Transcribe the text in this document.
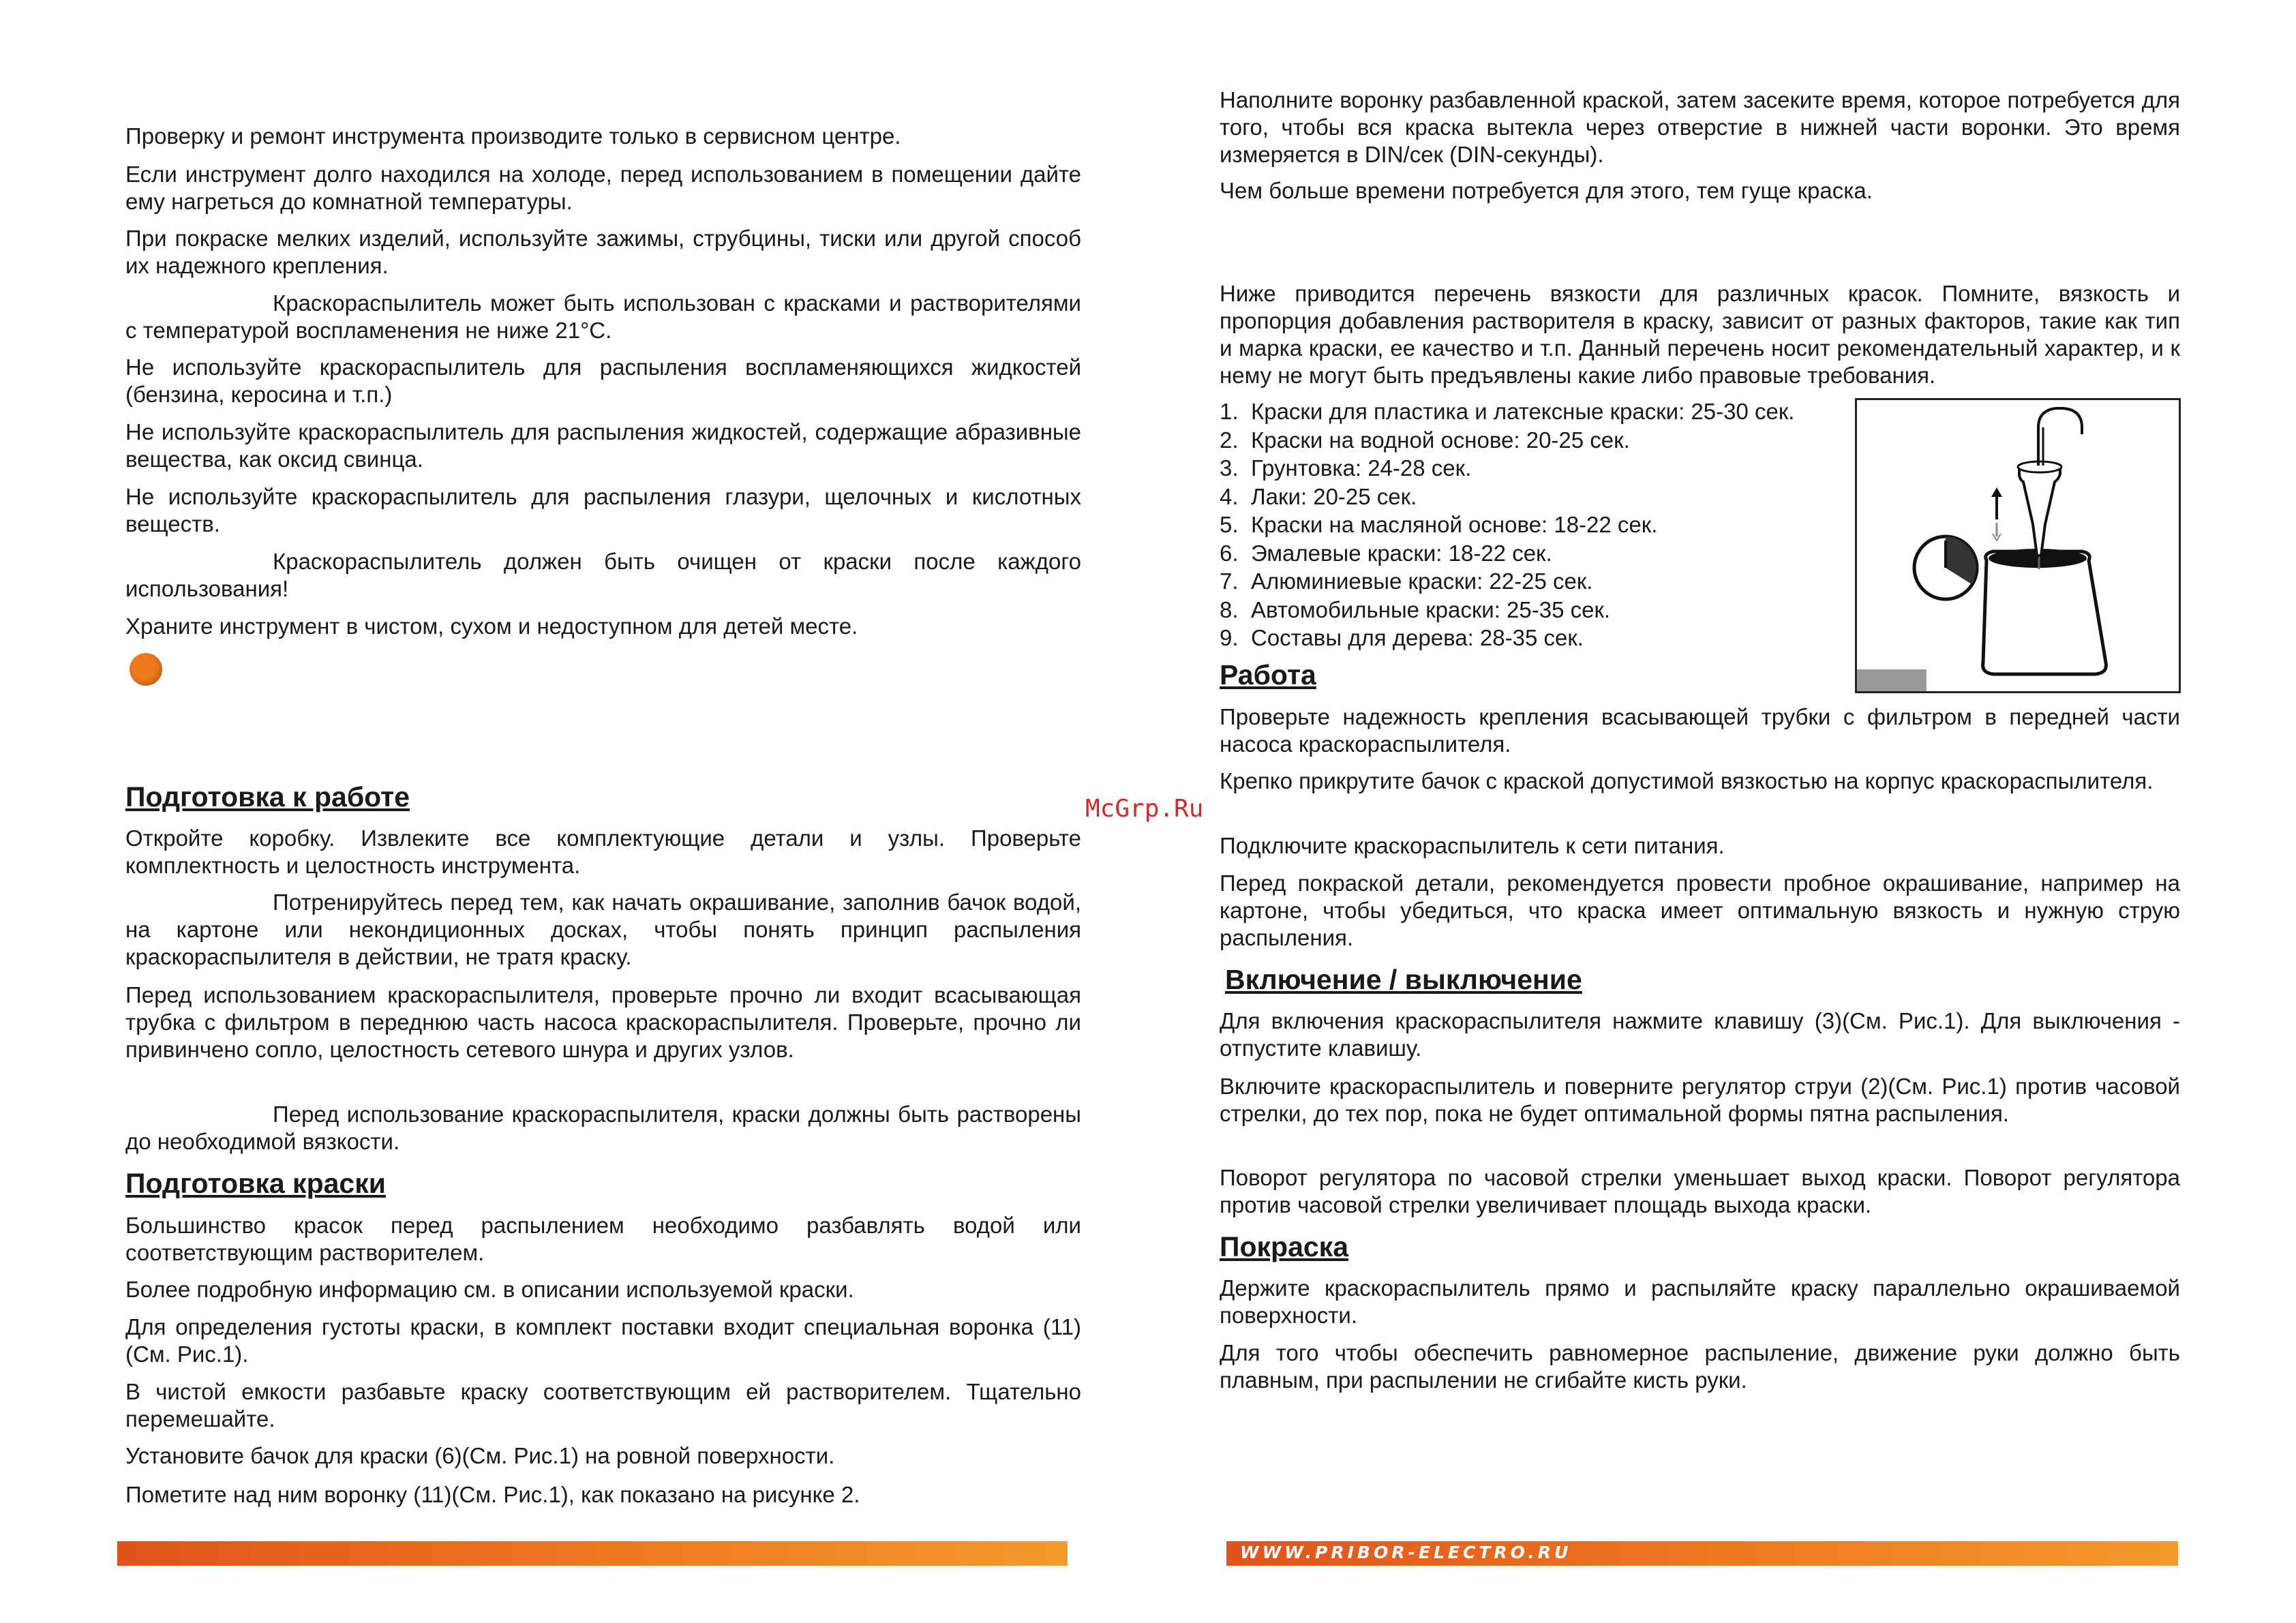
Проверку и ремонт инструмента производите только в сервисном центре.

Если инструмент долго находился на холоде, перед использованием в помещении дайте ему нагреться до комнатной температуры.

При покраске мелких изделий, используйте зажимы, струбцины, тиски или другой способ их надежного крепления.

Краскораспылитель может быть использован с красками и растворителями с температурой воспламенения не ниже 21°C.

Не используйте краскораспылитель для распыления воспламеняющихся жидкостей (бензина, керосина и т.п.)

Не используйте краскораспылитель для распыления жидкостей, содержащие абразивные вещества, как оксид свинца.

Не используйте краскораспылитель для распыления глазури, щелочных и кислотных веществ.

Краскораспылитель должен быть очищен от краски после каждого использования!

Храните инструмент в чистом, сухом и недоступном для детей месте.

Подготовка к работе

Откройте коробку. Извлеките все комплектующие детали и узлы. Проверьте комплектность и целостность инструмента.

Потренируйтесь перед тем, как начать окрашивание, заполнив бачок водой, на картоне или некондиционных досках, чтобы понять принцип распыления краскораспылителя в действии, не тратя краску.

Перед использованием краскораспылителя, проверьте прочно ли входит всасывающая трубка с фильтром в переднюю часть насоса краскораспылителя. Проверьте, прочно ли привинчено сопло, целостность сетевого шнура и других узлов.

Перед использование краскораспылителя, краски должны быть растворены до необходимой вязкости.

Подготовка краски

Большинство красок перед распылением необходимо разбавлять водой или соответствующим растворителем.

Более подробную информацию см. в описании используемой краски.

Для определения густоты краски, в комплект поставки входит специальная воронка (11)(См. Рис.1).

В чистой емкости разбавьте краску соответствующим ей растворителем. Тщательно перемешайте.

Установите бачок для краски (6)(См. Рис.1) на ровной поверхности.

Пометите над ним воронку (11)(См. Рис.1), как показано на рисунке 2.

McGrp.Ru

Наполните воронку разбавленной краской, затем засеките время, которое потребуется для того, чтобы вся краска вытекла через отверстие в нижней части воронки. Это время измеряется в DIN/сек (DIN-секунды).

Чем больше времени потребуется для этого, тем гуще краска.

Ниже приводится перечень вязкости для различных красок. Помните, вязкость и пропорция добавления растворителя в краску, зависит от разных факторов, такие как тип и марка краски, ее качество и т.п. Данный перечень носит рекомендательный характер, и к нему не могут быть предъявлены какие либо правовые требования.

1. Краски для пластика и латексные краски: 25-30 сек.
2. Краски на водной основе: 20-25 сек.
3. Грунтовка: 24-28 сек.
4. Лаки: 20-25 сек.
5. Краски на масляной основе: 18-22 сек.
6. Эмалевые краски: 18-22 сек.
7. Алюминиевые краски: 22-25 сек.
8. Автомобильные краски: 25-35 сек.
9. Составы для дерева: 28-35 сек.
Работа

Проверьте надежность крепления всасывающей трубки с фильтром в передней части насоса краскораспылителя.

Крепко прикрутите бачок с краской допустимой вязкостью на корпус краскораспылителя.

Подключите краскораспылитель к сети питания.

Перед покраской детали, рекомендуется провести пробное окрашивание, например на картоне, чтобы убедиться, что краска имеет оптимальную вязкость и нужную струю распыления.

Включение / выключение

Для включения краскораспылителя нажмите клавишу (3)(См. Рис.1). Для выключения - отпустите клавишу.

Включите краскораспылитель и поверните регулятор струи (2)(См. Рис.1) против часовой стрелки, до тех пор, пока не будет оптимальной формы пятна распыления.

Поворот регулятора по часовой стрелки уменьшает выход краски. Поворот регулятора против часовой стрелки увеличивает площадь выхода краски.

Покраска

Держите краскораспылитель прямо и распыляйте краску параллельно окрашиваемой поверхности.

Для того чтобы обеспечить равномерное распыление, движение руки должно быть плавным, при распылении не сгибайте кисть руки.

WWW.PRIBOR-ELECTRO.RU
